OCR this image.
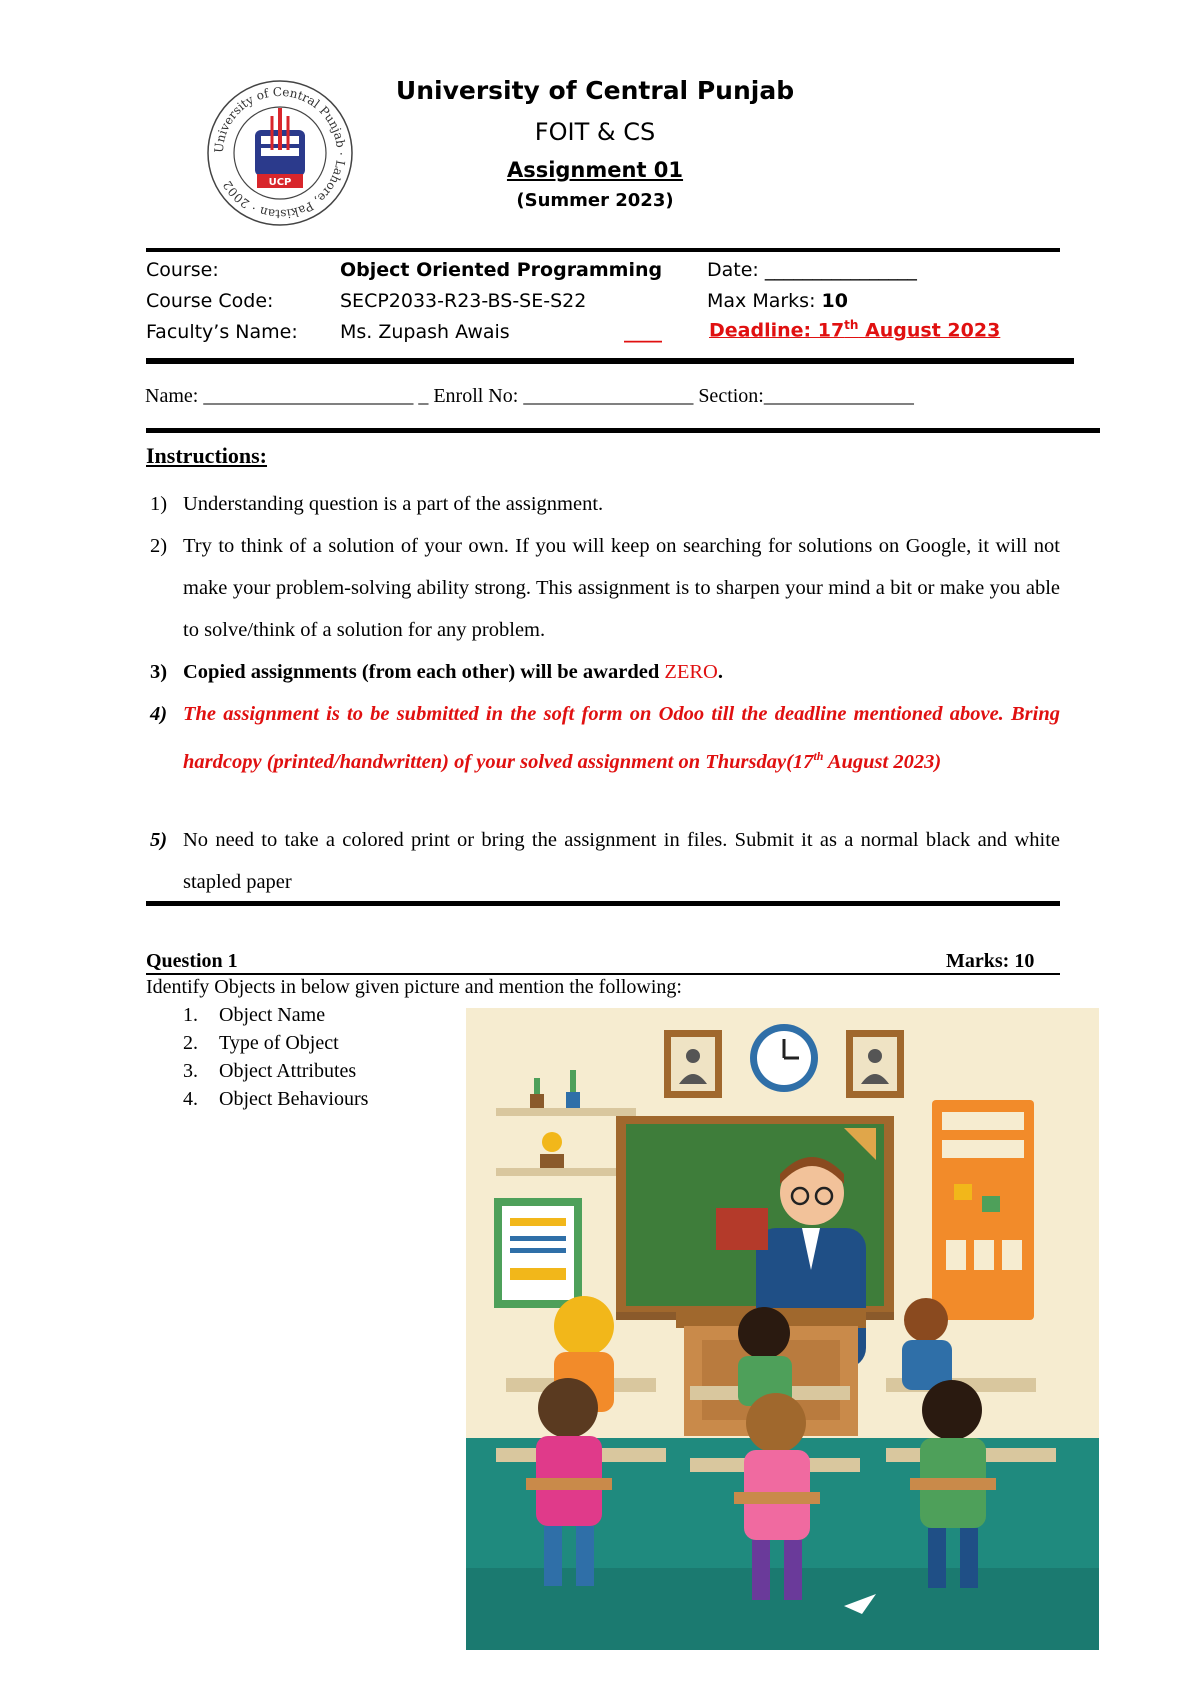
University of Central Punjab · Lahore, Pakistan · 2002	UCP
University of Central Punjab
FOIT & CS
Assignment 01
(Summer 2023)
Course:	Object Oriented Programming Date: ________________
Course Code:	SECP2033-R23-BS-SE-S22	Max Marks: 10
Faculty’s Name: Ms. Zupash Awais	____ Deadline: 17th August 2023
Name: _____________________ _ Enroll No: _________________ Section:_______________
Instructions:
1) Understanding question is a part of the assignment.
2) Try to think of a solution of your own. If you will keep on searching for solutions on Google, it will not make your problem-solving ability strong. This assignment is to sharpen your mind a bit or make you able to solve/think of a solution for any problem.
3) Copied assignments (from each other) will be awarded ZERO.
4) The assignment is to be submitted in the soft form on Odoo till the deadline mentioned above. Bring hardcopy (printed/handwritten) of your solved assignment on Thursday(17th August 2023)
5) No need to take a colored print or bring the assignment in files. Submit it as a normal black and white stapled paper
Question 1	Marks: 10
Identify Objects in below given picture and mention the following:
1. Object Name
2. Type of Object
3. Object Attributes
4. Object Behaviours
